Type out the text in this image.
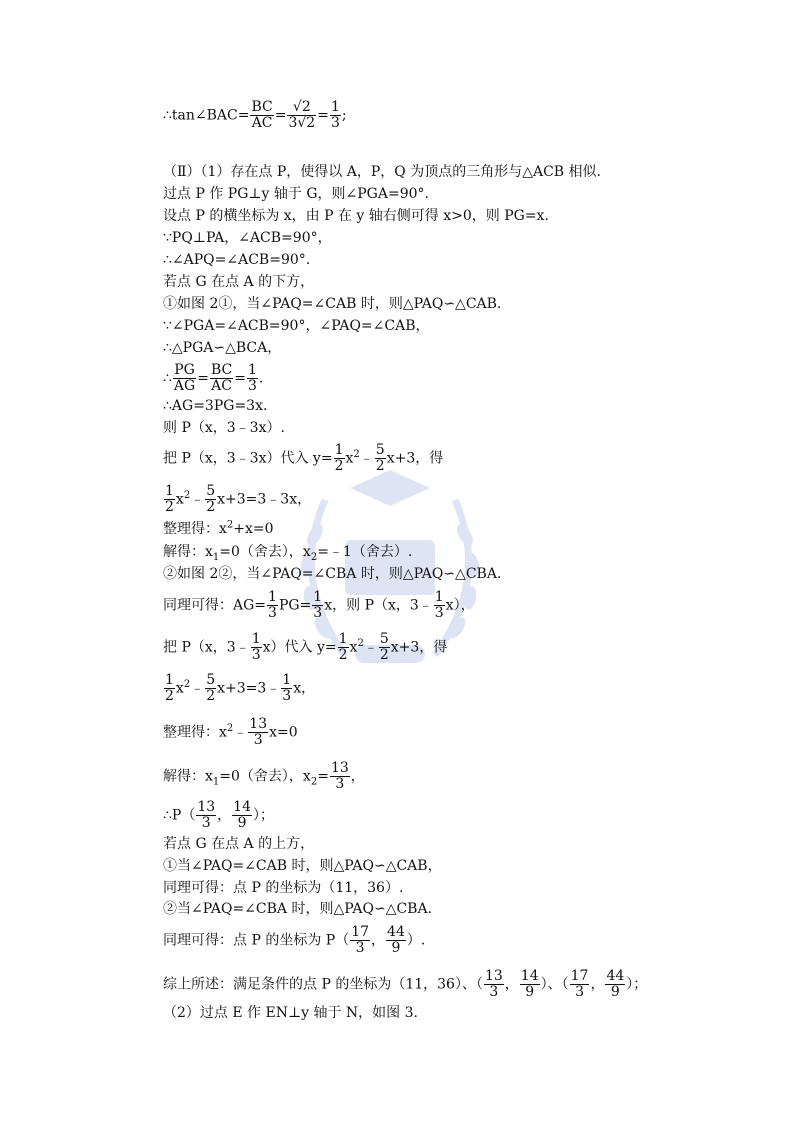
∴tan∠BAC= $\frac{BC}{AC} = \frac{√2}{3√2} = \frac{1}{3}$ ;
（Ⅱ）（1）存在点 P，使得以 A，P，Q 为顶点的三角形与△ACB 相似.
过点 P 作 PG⊥y 轴于 G，则∠PGA=90°.
设点 P 的横坐标为 x，由 P 在 y 轴右侧可得 x>0，则 PG=x.
∵PQ⊥PA，∠ACB=90°，
∴∠APQ=∠ACB=90°.
若点 G 在点 A 的下方，
①如图 2①，当∠PAQ=∠CAB 时，则△PAQ∽△CAB.
∵∠PGA=∠ACB=90°，∠PAQ=∠CAB，
∴△PGA∽△BCA，
∴ $\frac{PG}{AG} = \frac{BC}{AC} = \frac{1}{3}$ .
∴AG=3PG=3x.
则 P（x，3﹣3x）.
把 P（x，3﹣3x）代入 $y= \frac{1}{2}$ $x^2﹣ \frac{5}{2} x+3$，得
$\frac{1}{2}$ $x^2﹣ \frac{5}{2}$ x+3=3﹣3x，
整理得：$x^2+x=0$
解得：$x_1=0$（舍去），$x_2=﹣1$（舍去）.
②如图 2②，当∠PAQ=∠CBA 时，则△PAQ∽△CBA.
同理可得：$AG= \frac{1}{3} PG= \frac{1}{3}$ x，则 P（x，3﹣ $\frac{1}{3} x$），
把 P（x，3﹣ $\frac{1}{3} x$）代入 $y= \frac{1}{2}$ $x^2﹣ \frac{5}{2} x+3$，得
$\frac{1}{2}$ $x^2﹣ \frac{5}{2}$ x+3=3﹣ $\frac{1}{3}$ x，
整理得：$x^2﹣ \frac{13}{3} x=0$
解得：$x_1=0$（舍去），$x_2= \frac{13}{3}$ ，
∴P（ $\frac{13}{3}$ ， $\frac{14}{9}$ ）；
若点 G 在点 A 的上方，
①当∠PAQ=∠CAB 时，则△PAQ∽△CAB，
同理可得：点 P 的坐标为（11，36）.
②当∠PAQ=∠CBA 时，则△PAQ∽△CBA.
同理可得：点 P 的坐标为 $P( \frac{17}{3}$ ， $\frac{44}{9}$ ）.
综上所述：满足条件的点 P 的坐标为（11，36）、（ $\frac{13}{3}$ ， $\frac{14}{9}$ ）、（ $\frac{17}{3}$ ， $\frac{44}{9}$ ）；
（2）过点 E 作 EN⊥y 轴于 N，如图 3.
